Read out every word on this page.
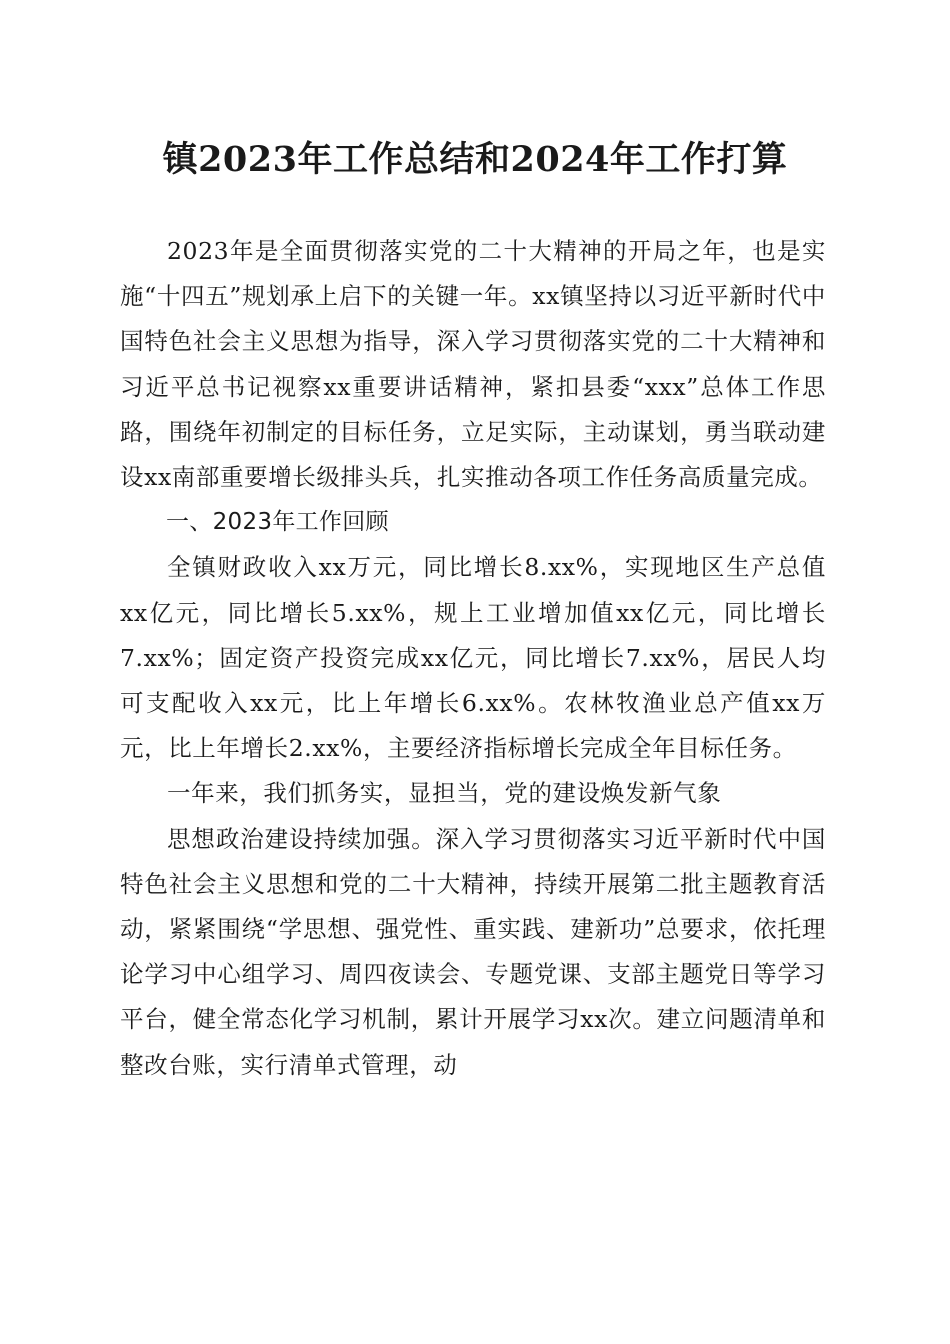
镇2023年工作总结和2024年工作打算

2023年是全面贯彻落实党的二十大精神的开局之年，也是实施“十四五”规划承上启下的关键一年。xx镇坚持以习近平新时代中国特色社会主义思想为指导，深入学习贯彻落实党的二十大精神和习近平总书记视察xx重要讲话精神，紧扣县委“xxx”总体工作思路，围绕年初制定的目标任务，立足实际，主动谋划，勇当联动建设xx南部重要增长级排头兵，扎实推动各项工作任务高质量完成。

一、2023年工作回顾

全镇财政收入xx万元，同比增长8.xx%，实现地区生产总值xx亿元，同比增长5.xx%，规上工业增加值xx亿元，同比增长7.xx%；固定资产投资完成xx亿元，同比增长7.xx%，居民人均可支配收入xx元，比上年增长6.xx%。农林牧渔业总产值xx万元，比上年增长2.xx%，主要经济指标增长完成全年目标任务。

一年来，我们抓务实，显担当，党的建设焕发新气象

思想政治建设持续加强。深入学习贯彻落实习近平新时代中国特色社会主义思想和党的二十大精神，持续开展第二批主题教育活动，紧紧围绕“学思想、强党性、重实践、建新功”总要求，依托理论学习中心组学习、周四夜读会、专题党课、支部主题党日等学习平台，健全常态化学习机制，累计开展学习xx次。建立问题清单和整改台账，实行清单式管理，动
